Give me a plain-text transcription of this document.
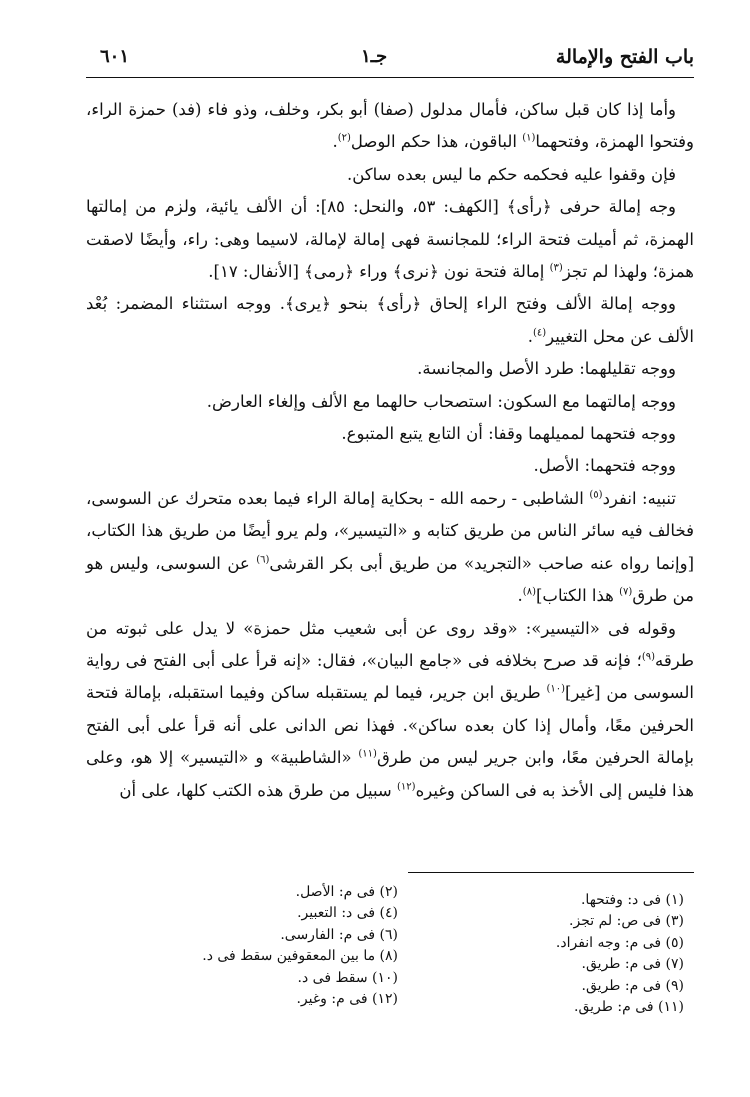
باب الفتح والإمالة
جـ١
٦٠١

وأما إذا كان قبل ساكن، فأمال مدلول (صفا) أبو بكر، وخلف، وذو فاء (فد) حمزة الراء، وفتحوا الهمزة، وفتحهما$^{(١)}$ الباقون، هذا حكم الوصل$^{(٢)}$.

فإن وقفوا عليه فحكمه حكم ما ليس بعده ساكن.

وجه إمالة حرفى ﴿رأى﴾ [الكهف: ٥٣، والنحل: ٨٥]: أن الألف يائية، ولزم من إمالتها الهمزة، ثم أميلت فتحة الراء؛ للمجانسة فهى إمالة لإمالة، لاسيما وهى: راء، وأيضًا لاصقت همزة؛ ولهذا لم تجز$^{(٣)}$ إمالة فتحة نون ﴿نرى﴾ وراء ﴿رمى﴾ [الأنفال: ١٧].

ووجه إمالة الألف وفتح الراء إلحاق ﴿رأى﴾ بنحو ﴿يرى﴾. ووجه استثناء المضمر: بُعْد الألف عن محل التغيير$^{(٤)}$.

ووجه تقليلهما: طرد الأصل والمجانسة.

ووجه إمالتهما مع السكون: استصحاب حالهما مع الألف وإلغاء العارض.

ووجه فتحهما لمميلهما وقفا: أن التابع يتبع المتبوع.

ووجه فتحهما: الأصل.

تنبيه: انفرد$^{(٥)}$ الشاطبى - رحمه الله - بحكاية إمالة الراء فيما بعده متحرك عن السوسى، فخالف فيه سائر الناس من طريق كتابه و «التيسير»، ولم يرو أيضًا من طريق هذا الكتاب، [وإنما رواه عنه صاحب «التجريد» من طريق أبى بكر القرشى$^{(٦)}$ عن السوسى، وليس هو من طرق$^{(٧)}$ هذا الكتاب]$^{(٨)}$.

وقوله فى «التيسير»: «وقد روى عن أبى شعيب مثل حمزة» لا يدل على ثبوته من طرقه$^{(٩)}$؛ فإنه قد صرح بخلافه فى «جامع البيان»، فقال: «إنه قرأ على أبى الفتح فى رواية السوسى من [غير]$^{(١٠)}$ طريق ابن جرير، فيما لم يستقبله ساكن وفيما استقبله، بإمالة فتحة الحرفين معًا، وأمال إذا كان بعده ساكن». فهذا نص الدانى على أنه قرأ على أبى الفتح بإمالة الحرفين معًا، وابن جرير ليس من طرق$^{(١١)}$ «الشاطبية» و «التيسير» إلا هو، وعلى هذا فليس إلى الأخذ به فى الساكن وغيره$^{(١٢)}$ سبيل من طرق هذه الكتب كلها، على أن

(١) فى د: وفتحها.
(٣) فى ص: لم تجز.
(٥) فى م: وجه انفراد.
(٧) فى م: طريق.
(٩) فى م: طريق.
(١١) فى م: طريق.
(٢) فى م: الأصل.
(٤) فى د: التعبير.
(٦) فى م: الفارسى.
(٨) ما بين المعقوفين سقط فى د.
(١٠) سقط فى د.
(١٢) فى م: وغير.
